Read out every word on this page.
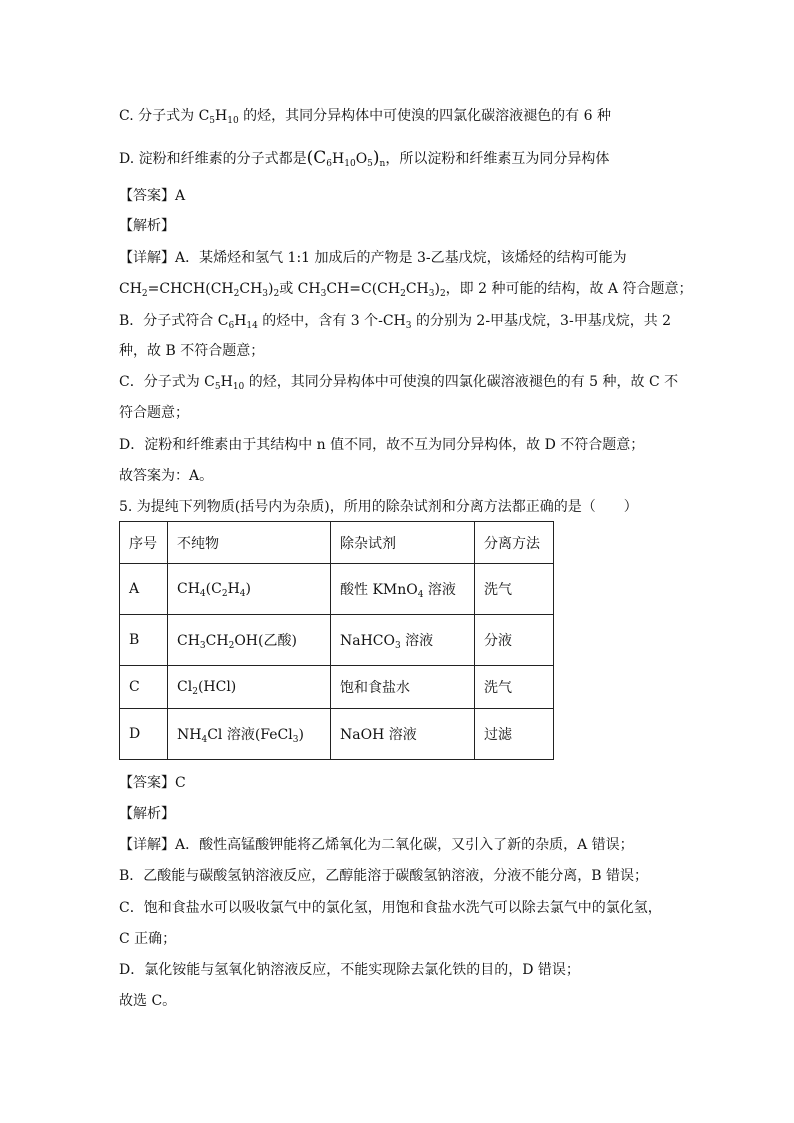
C. 分子式为 $C_5H_{10}$ 的烃，其同分异构体中可使溴的四氯化碳溶液褪色的有 6 种
D. 淀粉和纤维素的分子式都是$(C_6H_{10}O_5)_n$，所以淀粉和纤维素互为同分异构体
【答案】A
【解析】
【详解】A．某烯烃和氢气 1:1 加成后的产物是 3-乙基戊烷，该烯烃的结构可能为
$CH_2=CHCH(CH_2CH_3)_2$或 $CH_3CH=C(CH_2CH_3)_2$，即 2 种可能的结构，故 A 符合题意；
B．分子式符合 $C_6H_{14}$ 的烃中，含有 3 个$-CH_3$ 的分别为 2-甲基戊烷，3-甲基戊烷，共 2
种，故 B 不符合题意；
C．分子式为 $C_5H_{10}$ 的烃，其同分异构体中可使溴的四氯化碳溶液褪色的有 5 种，故 C 不
符合题意；
D．淀粉和纤维素由于其结构中 n 值不同，故不互为同分异构体，故 D 不符合题意；
故答案为：A。
5. 为提纯下列物质(括号内为杂质)，所用的除杂试剂和分离方法都正确的是（　　）
序号	不纯物	除杂试剂	分离方法
A	$CH_4(C_2H_4)$	酸性 KMnO$_4$ 溶液	洗气
B	$CH_3CH_2OH$(乙酸)	NaHCO$_3$ 溶液	分液
C	$Cl_2(HCl)$	饱和食盐水	洗气
D	$NH_4Cl$ 溶液(FeCl$_3$)	NaOH 溶液	过滤
【答案】C
【解析】
【详解】A．酸性高锰酸钾能将乙烯氧化为二氧化碳，又引入了新的杂质，A 错误；
B．乙酸能与碳酸氢钠溶液反应，乙醇能溶于碳酸氢钠溶液，分液不能分离，B 错误；
C．饱和食盐水可以吸收氯气中的氯化氢，用饱和食盐水洗气可以除去氯气中的氯化氢，
C 正确；
D．氯化铵能与氢氧化钠溶液反应，不能实现除去氯化铁的目的，D 错误；
故选 C。
